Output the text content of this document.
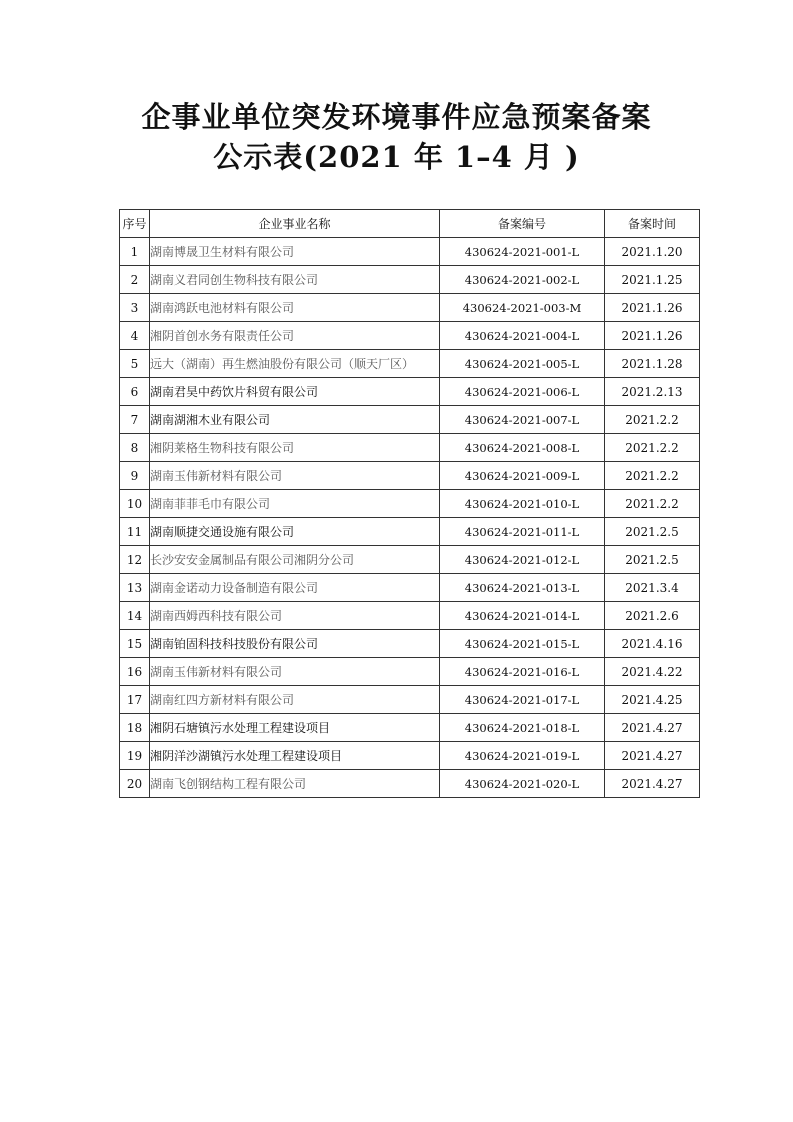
企事业单位突发环境事件应急预案备案
公示表(2021 年 1–4 月 )
序号	企业事业名称	备案编号	备案时间
1	湖南博晟卫生材料有限公司	430624-2021-001-L	2021.1.20
2	湖南义君同创生物科技有限公司	430624-2021-002-L	2021.1.25
3	湖南鸿跃电池材料有限公司	430624-2021-003-M	2021.1.26
4	湘阴首创水务有限责任公司	430624-2021-004-L	2021.1.26
5	远大（湖南）再生燃油股份有限公司（顺天厂区）	430624-2021-005-L	2021.1.28
6	湖南君昊中药饮片科贸有限公司	430624-2021-006-L	2021.2.13
7	湖南湖湘木业有限公司	430624-2021-007-L	2021.2.2
8	湘阴莱格生物科技有限公司	430624-2021-008-L	2021.2.2
9	湖南玉伟新材料有限公司	430624-2021-009-L	2021.2.2
10	湖南菲菲毛巾有限公司	430624-2021-010-L	2021.2.2
11	湖南顺捷交通设施有限公司	430624-2021-011-L	2021.2.5
12	长沙安安金属制品有限公司湘阴分公司	430624-2021-012-L	2021.2.5
13	湖南金诺动力设备制造有限公司	430624-2021-013-L	2021.3.4
14	湖南西姆西科技有限公司	430624-2021-014-L	2021.2.6
15	湖南铂固科技科技股份有限公司	430624-2021-015-L	2021.4.16
16	湖南玉伟新材料有限公司	430624-2021-016-L	2021.4.22
17	湖南红四方新材料有限公司	430624-2021-017-L	2021.4.25
18	湘阴石塘镇污水处理工程建设项目	430624-2021-018-L	2021.4.27
19	湘阴洋沙湖镇污水处理工程建设项目	430624-2021-019-L	2021.4.27
20	湖南飞创钢结构工程有限公司	430624-2021-020-L	2021.4.27
